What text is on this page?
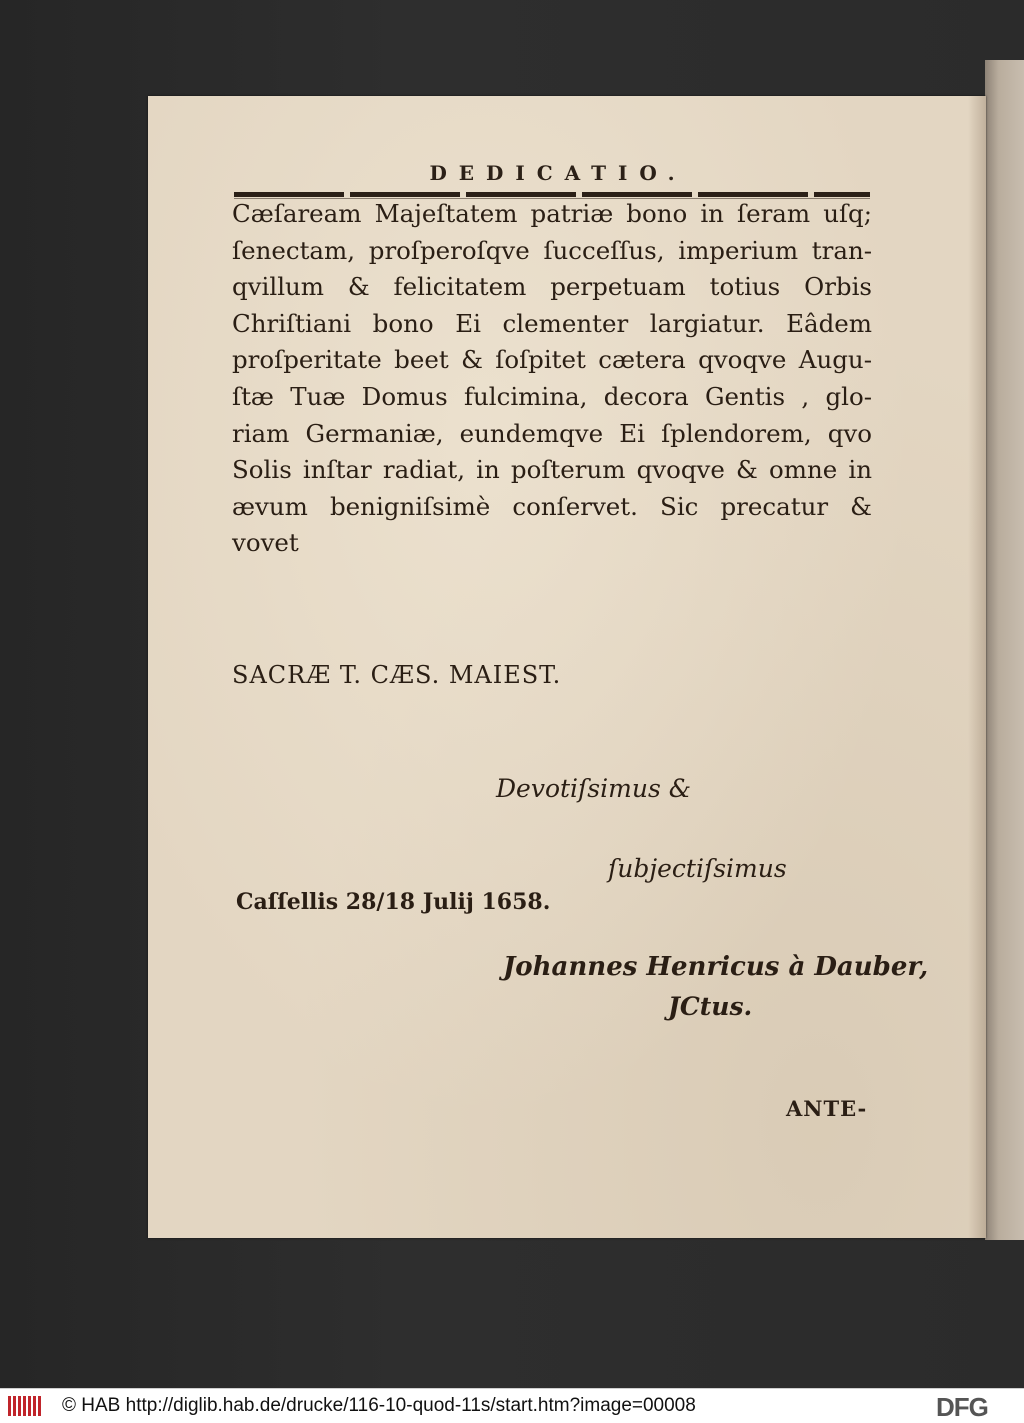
DEDICATIO.
Cæſaream Majeſtatem patriæ bono in ſeram uſq;
ſenectam, proſperoſqve ſucceſſus, imperium tran-
qvillum & felicitatem perpetuam totius Orbis
Chriſtiani bono Ei clementer largiatur. Eâdem
proſperitate beet & ſoſpitet cætera qvoqve Augu-
ſtæ Tuæ Domus fulcimina, decora Gentis , glo-
riam Germaniæ, eundemqve Ei ſplendorem, qvo
Solis inſtar radiat, in poſterum qvoqve & omne in
ævum benigniſsimè conſervet. Sic precatur &
vovet
SACRÆ T. CÆS. MAIEST.
Devotiſsimus &
ſubjectiſsimus
Caſſellis 28/18 Julij 1658.
Johannes Henricus à Dauber,
JCtus.
ANTE-
© HAB http://diglib.hab.de/drucke/116-10-quod-11s/start.htm?image=00008	DFG
